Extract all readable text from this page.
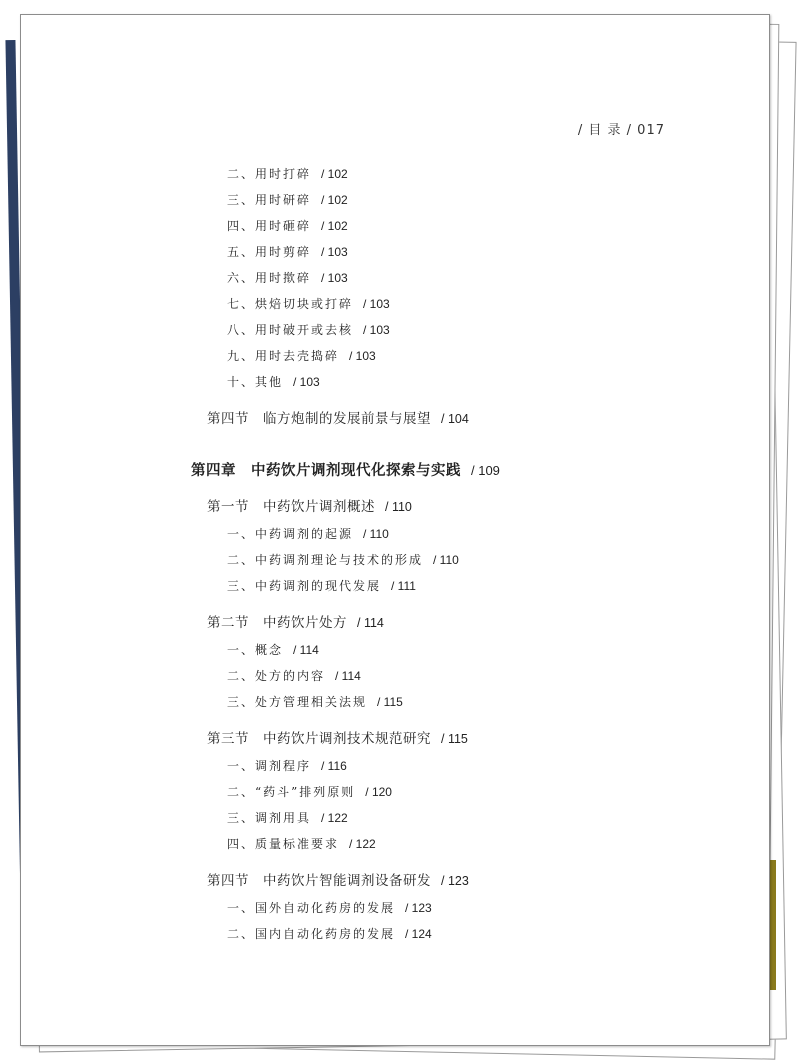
/ 目 录 / 017
二、用时打碎 / 102
三、用时研碎 / 102
四、用时砸碎 / 102
五、用时剪碎 / 103
六、用时揿碎 / 103
七、烘焙切块或打碎 / 103
八、用时破开或去核 / 103
九、用时去壳捣碎 / 103
十、其他 / 103
第四节　临方炮制的发展前景与展望 / 104
第四章　中药饮片调剂现代化探索与实践 / 109
第一节　中药饮片调剂概述 / 110
一、中药调剂的起源 / 110
二、中药调剂理论与技术的形成 / 110
三、中药调剂的现代发展 / 111
第二节　中药饮片处方 / 114
一、概念 / 114
二、处方的内容 / 114
三、处方管理相关法规 / 115
第三节　中药饮片调剂技术规范研究 / 115
一、调剂程序 / 116
二、“药斗”排列原则 / 120
三、调剂用具 / 122
四、质量标准要求 / 122
第四节　中药饮片智能调剂设备研发 / 123
一、国外自动化药房的发展 / 123
二、国内自动化药房的发展 / 124
